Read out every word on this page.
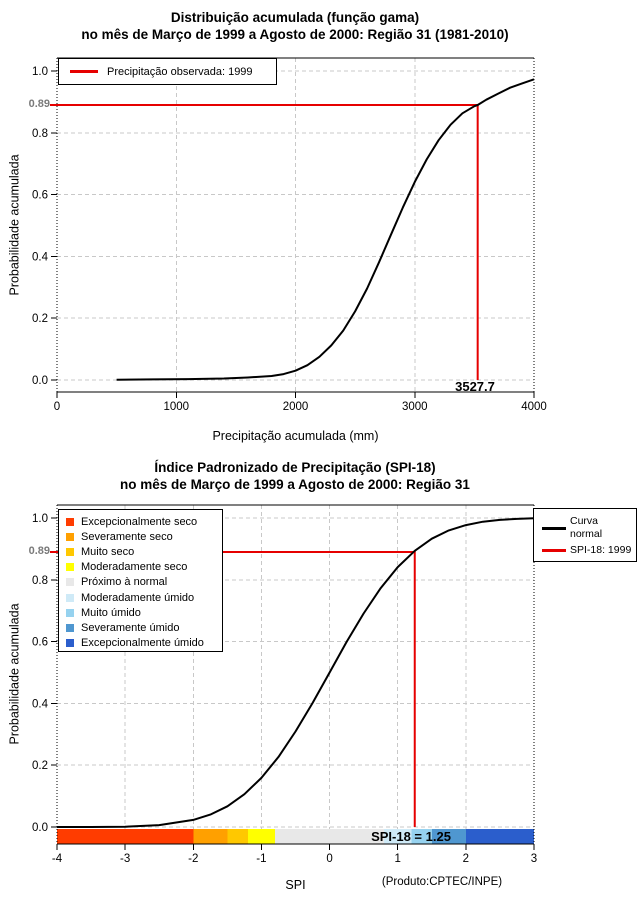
0	1000	2000	3000	4000
0.0
0.2
0.4
0.6
0.8
1.0
-4	-3	-2	-1	0	1	2	3
0.0
0.2
0.4
0.6
0.8
1.0
Distribuição acumulada (função gama)
no mês de Março de 1999 a Agosto de 2000: Região 31 (1981-2010)
0.89
3527.7
Precipitação acumulada (mm)
Probabilidade acumulada
Precipitação observada: 1999
Índice Padronizado de Precipitação (SPI-18)
no mês de Março de 1999 a Agosto de 2000: Região 31
0.89
SPI-18 = 1.25
SPI
Probabilidade acumulada
(Produto:CPTEC/INPE)
Excepcionalmente seco
Severamente seco
Muito seco
Moderadamente seco
Próximo à normal
Moderadamente úmido
Muito úmido
Severamente úmido
Excepcionalmente úmido
Curva normal
SPI-18: 1999
